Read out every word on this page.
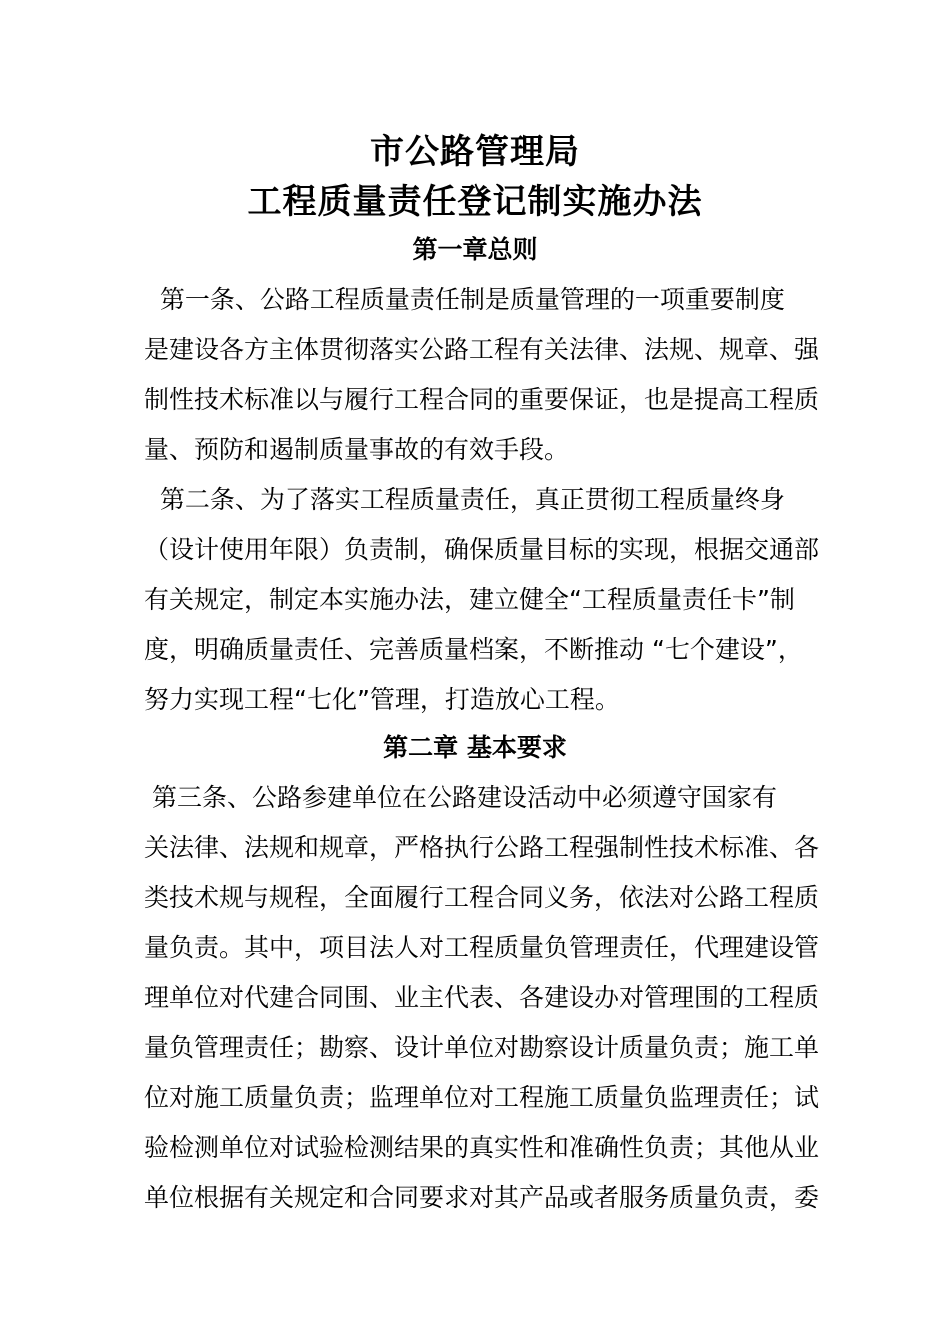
市公路管理局
工程质量责任登记制实施办法
第一章总则
第一条、公路工程质量责任制是质量管理的一项重要制度
是建设各方主体贯彻落实公路工程有关法律、法规、规章、强
制性技术标准以与履行工程合同的重要保证，也是提高工程质
量、预防和遏制质量事故的有效手段。
第二条、为了落实工程质量责任，真正贯彻工程质量终身
（设计使用年限）负责制，确保质量目标的实现，根据交通部
有关规定，制定本实施办法，建立健全“工程质量责任卡”制
度，明确质量责任、完善质量档案，不断推动 “七个建设”，
努力实现工程“七化”管理，打造放心工程。
第二章 基本要求
第三条、公路参建单位在公路建设活动中必须遵守国家有
关法律、法规和规章，严格执行公路工程强制性技术标准、各
类技术规与规程，全面履行工程合同义务，依法对公路工程质
量负责。其中，项目法人对工程质量负管理责任，代理建设管
理单位对代建合同围、业主代表、各建设办对管理围的工程质
量负管理责任；勘察、设计单位对勘察设计质量负责；施工单
位对施工质量负责；监理单位对工程施工质量负监理责任；试
验检测单位对试验检测结果的真实性和准确性负责；其他从业
单位根据有关规定和合同要求对其产品或者服务质量负责，委
